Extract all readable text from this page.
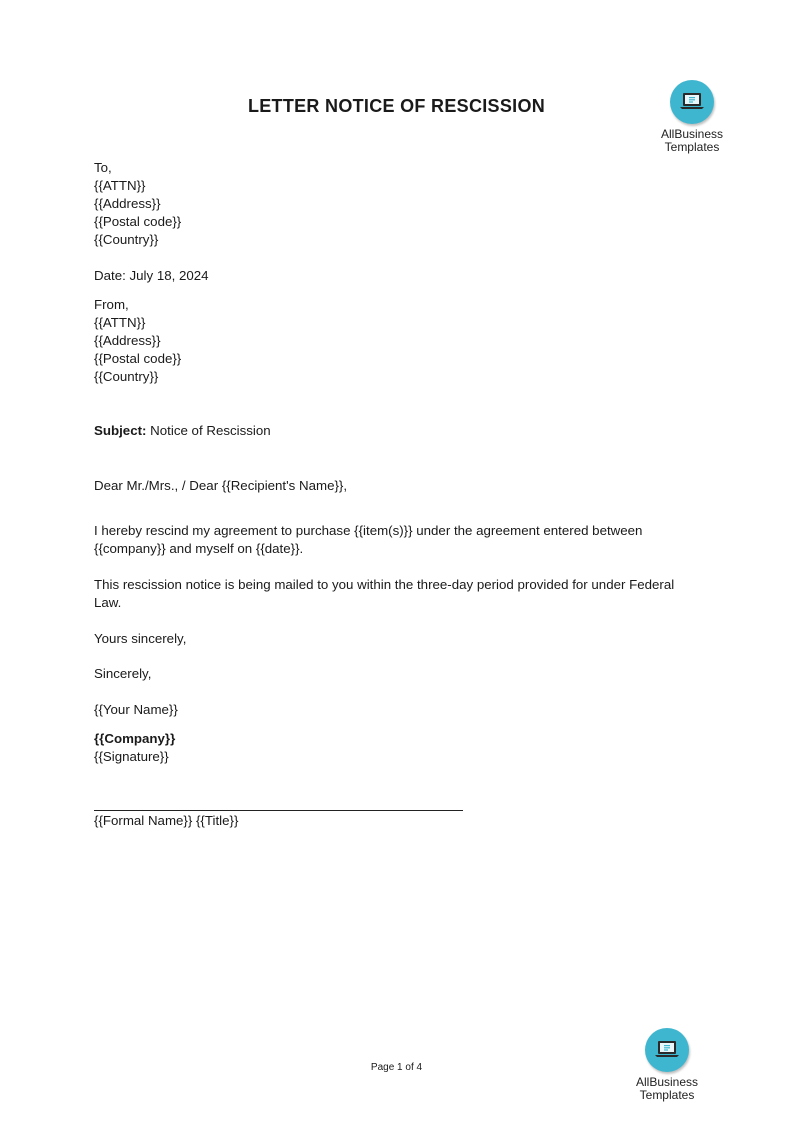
LETTER NOTICE OF RESCISSION
AllBusiness
Templates
To,
{{ATTN}}
{{Address}}
{{Postal code}}
{{Country}}
Date: July 18, 2024
From,
{{ATTN}}
{{Address}}
{{Postal code}}
{{Country}}
Subject: Notice of Rescission
Dear Mr./Mrs., / Dear {{Recipient's Name}},
I hereby rescind my agreement to purchase {{item(s)}} under the agreement entered between {{company}} and myself on {{date}}.
This rescission notice is being mailed to you within the three-day period provided for under Federal Law.
Yours sincerely,
Sincerely,
{{Your Name}}
{{Company}}
{{Signature}}
{{Formal Name}} {{Title}}
Page 1 of 4
AllBusiness
Templates
